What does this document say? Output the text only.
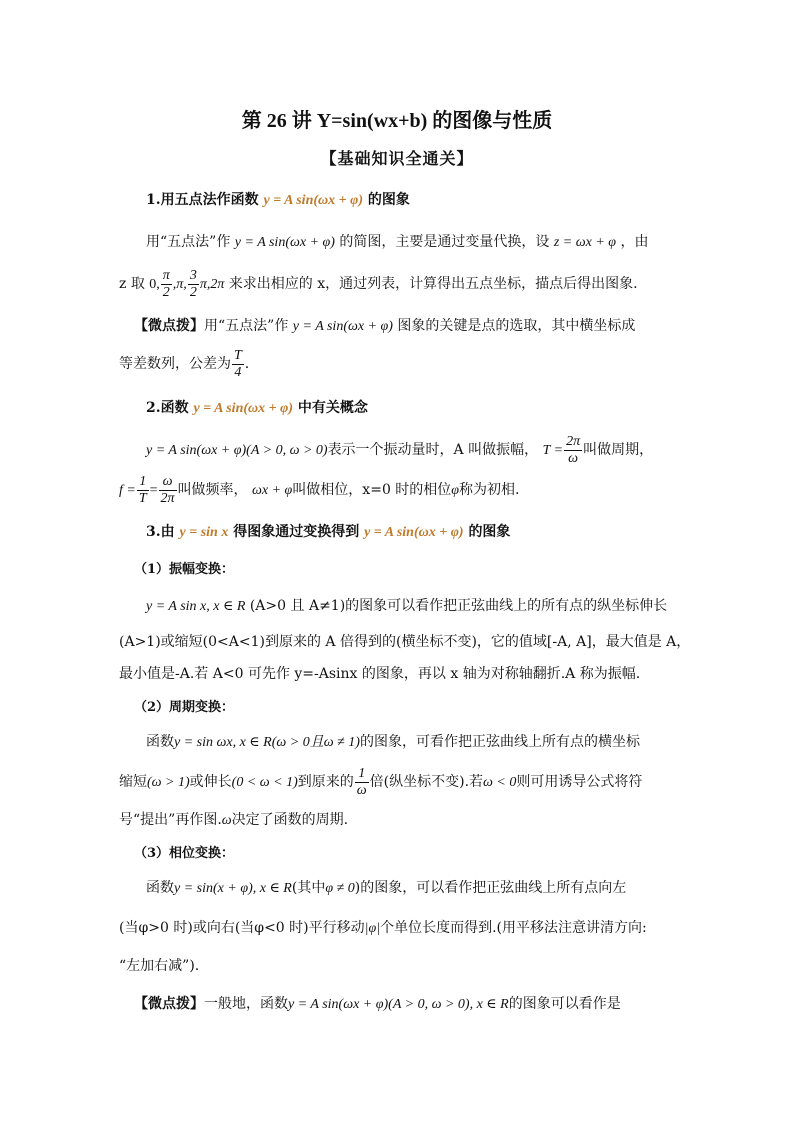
第 26 讲 Y=sin(wx+b) 的图像与性质
【基础知识全通关】
1.用五点法作函数 y = A sin(ωx + φ) 的图象
用“五点法”作 y = A sin(ωx + φ) 的简图，主要是通过变量代换，设 z = ωx + φ ，由
z 取 0, $\frac{\pi}{2} ,\pi$, $\frac{3}{2} \pi,2\pi$ 来求出相应的 x，通过列表，计算得出五点坐标，描点后得出图象.
【微点拨】用“五点法”作 y = A sin(ωx + φ) 图象的关键是点的选取，其中横坐标成
等差数列，公差为 $\frac{T}{4}$ .
2.函数 y = A sin(ωx + φ) 中有关概念
y = A sin(ωx + φ)(A > 0, ω > 0)表示一个振动量时，A 叫做振幅， $T = \frac{2\pi}{\omega}$ 叫做周期，
$f = \frac{1}{T} = \frac{\omega}{2\pi}$ 叫做频率， ωx + φ叫做相位，x=0 时的相位φ称为初相.
3.由 y = sin x 得图象通过变换得到 y = A sin(ωx + φ) 的图象
（1）振幅变换：
y = A sin x, x ∈ R (A>0 且 A≠1)的图象可以看作把正弦曲线上的所有点的纵坐标伸长
(A>1)或缩短(0<A<1)到原来的 A 倍得到的(横坐标不变)，它的值域[-A, A]，最大值是 A，
最小值是-A.若 A<0 可先作 y=-Asinx 的图象，再以 x 轴为对称轴翻折.A 称为振幅.
（2）周期变换：
函数y = sin ωx, x ∈ R(ω > 0且ω ≠ 1)的图象，可看作把正弦曲线上所有点的横坐标
缩短(ω > 1)或伸长(0 < ω < 1)到原来的 $\frac{1}{\omega}$ 倍(纵坐标不变).若ω < 0则可用诱导公式将符
号“提出”再作图.ω决定了函数的周期.
（3）相位变换：
函数y = sin(x + φ), x ∈ R(其中φ ≠ 0)的图象，可以看作把正弦曲线上所有点向左
(当φ>0 时)或向右(当φ<0 时)平行移动|φ|个单位长度而得到.(用平移法注意讲清方向:
“左加右减”).
【微点拨】一般地，函数y = A sin(ωx + φ)(A > 0, ω > 0), x ∈ R的图象可以看作是
